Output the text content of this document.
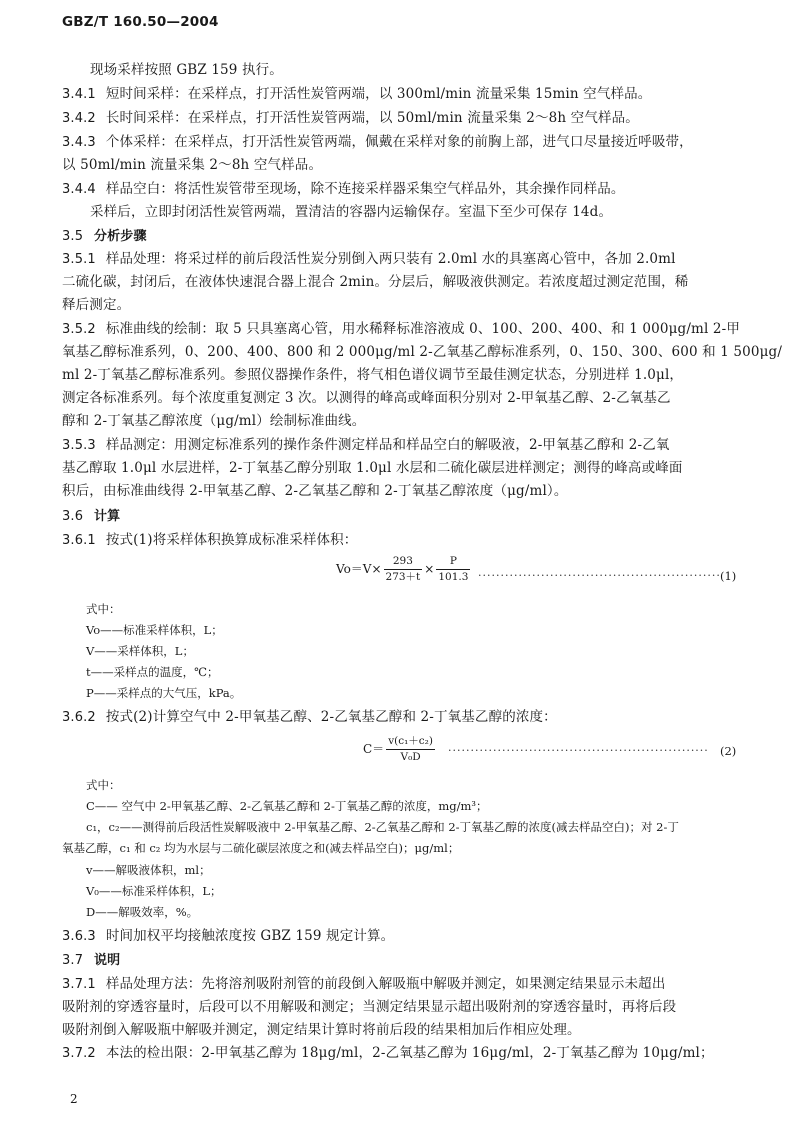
GBZ/T 160.50—2004
现场采样按照 GBZ 159 执行。
3.4.1 短时间采样：在采样点，打开活性炭管两端，以 300ml/min 流量采集 15min 空气样品。
3.4.2 长时间采样：在采样点，打开活性炭管两端，以 50ml/min 流量采集 2～8h 空气样品。
3.4.3 个体采样：在采样点，打开活性炭管两端，佩戴在采样对象的前胸上部，进气口尽量接近呼吸带，
以 50ml/min 流量采集 2～8h 空气样品。
3.4.4 样品空白：将活性炭管带至现场，除不连接采样器采集空气样品外，其余操作同样品。
采样后，立即封闭活性炭管两端，置清洁的容器内运输保存。室温下至少可保存 14d。
3.5 分析步骤
3.5.1 样品处理：将采过样的前后段活性炭分别倒入两只装有 2.0ml 水的具塞离心管中，各加 2.0ml
二硫化碳，封闭后，在液体快速混合器上混合 2min。分层后，解吸液供测定。若浓度超过测定范围，稀
释后测定。
3.5.2 标准曲线的绘制：取 5 只具塞离心管，用水稀释标准溶液成 0、100、200、400、和 1 000μg/ml 2-甲
氧基乙醇标准系列，0、200、400、800 和 2 000μg/ml 2-乙氧基乙醇标准系列，0、150、300、600 和 1 500μg/
ml 2-丁氧基乙醇标准系列。参照仪器操作条件，将气相色谱仪调节至最佳测定状态，分别进样 1.0μl，
测定各标准系列。每个浓度重复测定 3 次。以测得的峰高或峰面积分别对 2-甲氧基乙醇、2-乙氧基乙
醇和 2-丁氧基乙醇浓度（μg/ml）绘制标准曲线。
3.5.3 样品测定：用测定标准系列的操作条件测定样品和样品空白的解吸液，2-甲氧基乙醇和 2-乙氧
基乙醇取 1.0μl 水层进样，2-丁氧基乙醇分别取 1.0μl 水层和二硫化碳层进样测定；测得的峰高或峰面
积后，由标准曲线得 2-甲氧基乙醇、2-乙氧基乙醇和 2-丁氧基乙醇浓度（μg/ml）。
3.6 计算
3.6.1 按式(1)将采样体积换算成标准采样体积：
$Vo=V\times \frac{293}{273+t} \times \frac{P}{101.3}$ ······················································ (1)
式中：
Vo——标准采样体积，L；
V——采样体积，L；
t——采样点的温度，℃；
P——采样点的大气压，kPa。
3.6.2 按式(2)计算空气中 2-甲氧基乙醇、2-乙氧基乙醇和 2-丁氧基乙醇的浓度：
$C= \frac{\text{v(c₁＋c₂)}}{\text{V₀D}}$ ·························································· (2)
式中：
C—— 空气中 2-甲氧基乙醇、2-乙氧基乙醇和 2-丁氧基乙醇的浓度，mg/m³；
c₁，c₂——测得前后段活性炭解吸液中 2-甲氧基乙醇、2-乙氧基乙醇和 2-丁氧基乙醇的浓度(减去样品空白)；对 2-丁
氧基乙醇，c₁ 和 c₂ 均为水层与二硫化碳层浓度之和(减去样品空白)；μg/ml；
v——解吸液体积，ml；
V₀——标准采样体积，L；
D——解吸效率，%。
3.6.3 时间加权平均接触浓度按 GBZ 159 规定计算。
3.7 说明
3.7.1 样品处理方法：先将溶剂吸附剂管的前段倒入解吸瓶中解吸并测定，如果测定结果显示未超出
吸附剂的穿透容量时，后段可以不用解吸和测定；当测定结果显示超出吸附剂的穿透容量时，再将后段
吸附剂倒入解吸瓶中解吸并测定，测定结果计算时将前后段的结果相加后作相应处理。
3.7.2 本法的检出限：2-甲氧基乙醇为 18μg/ml，2-乙氧基乙醇为 16μg/ml，2-丁氧基乙醇为 10μg/ml；
2
